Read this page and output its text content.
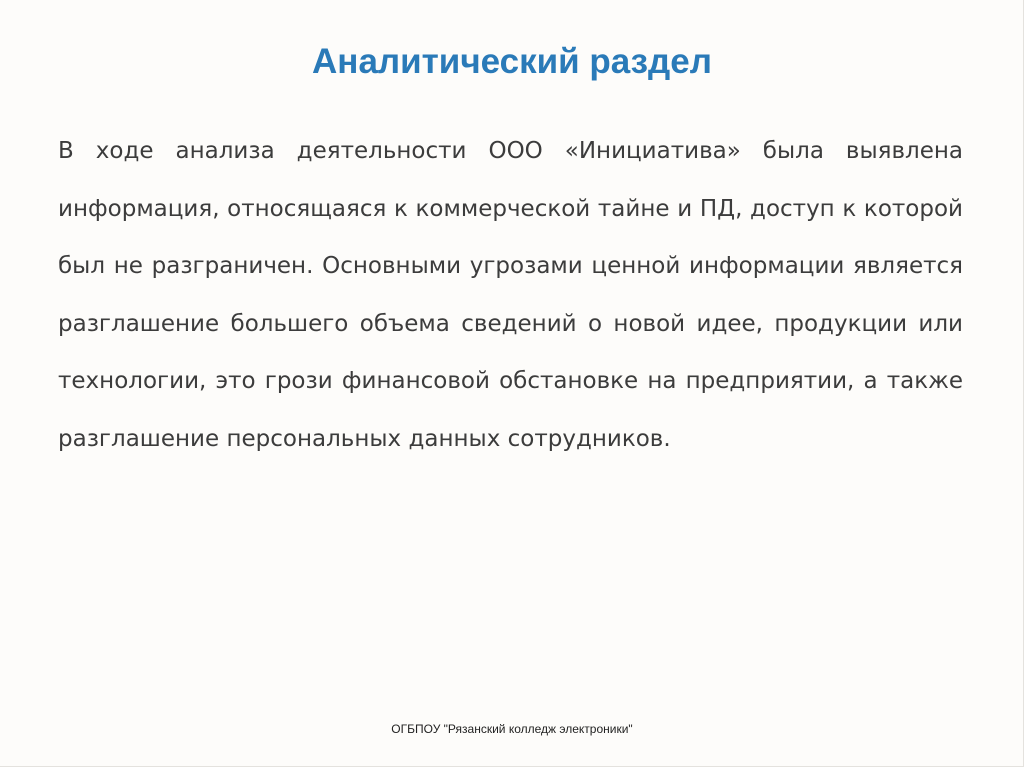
Аналитический раздел

В ходе анализа деятельности ООО «Инициатива» была выявлена информация, относящаяся к коммерческой тайне и ПД, доступ к которой был не разграничен. Основными угрозами ценной информации является разглашение большего объема сведений о новой идее, продукции или технологии, это грози финансовой обстановке на предприятии, а также разглашение персональных данных сотрудников.

ОГБПОУ "Рязанский колледж электроники"
